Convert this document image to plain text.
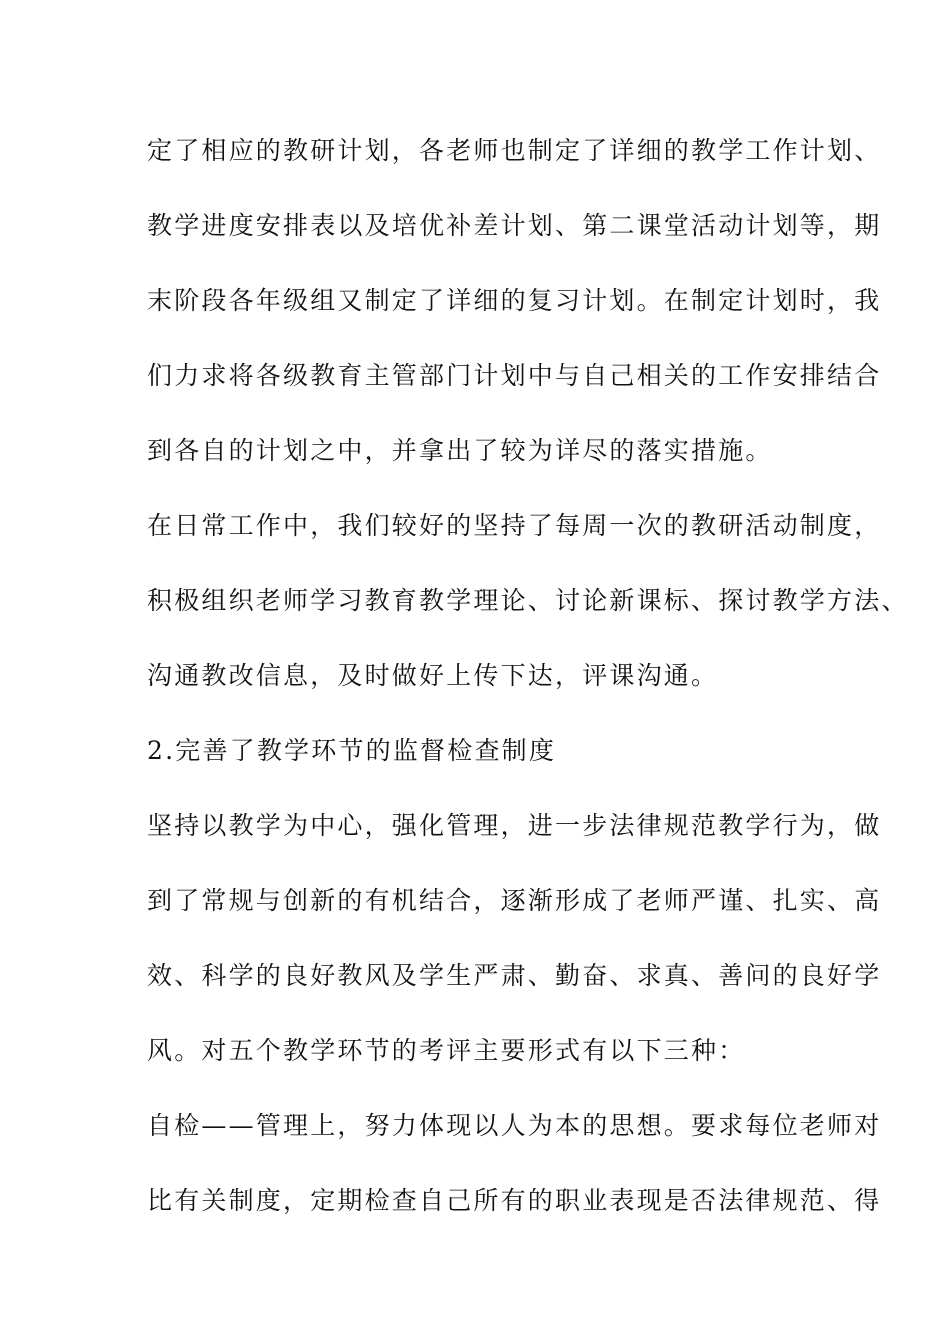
定了相应的教研计划，各老师也制定了详细的教学工作计划、
教学进度安排表以及培优补差计划、第二课堂活动计划等，期
末阶段各年级组又制定了详细的复习计划。在制定计划时，我
们力求将各级教育主管部门计划中与自己相关的工作安排结合
到各自的计划之中，并拿出了较为详尽的落实措施。
在日常工作中，我们较好的坚持了每周一次的教研活动制度，
积极组织老师学习教育教学理论、讨论新课标、探讨教学方法、
沟通教改信息，及时做好上传下达，评课沟通。
2.完善了教学环节的监督检查制度
坚持以教学为中心，强化管理，进一步法律规范教学行为，做
到了常规与创新的有机结合，逐渐形成了老师严谨、扎实、高
效、科学的良好教风及学生严肃、勤奋、求真、善问的良好学
风。对五个教学环节的考评主要形式有以下三种：
自检——管理上，努力体现以人为本的思想。要求每位老师对
比有关制度，定期检查自己所有的职业表现是否法律规范、得
